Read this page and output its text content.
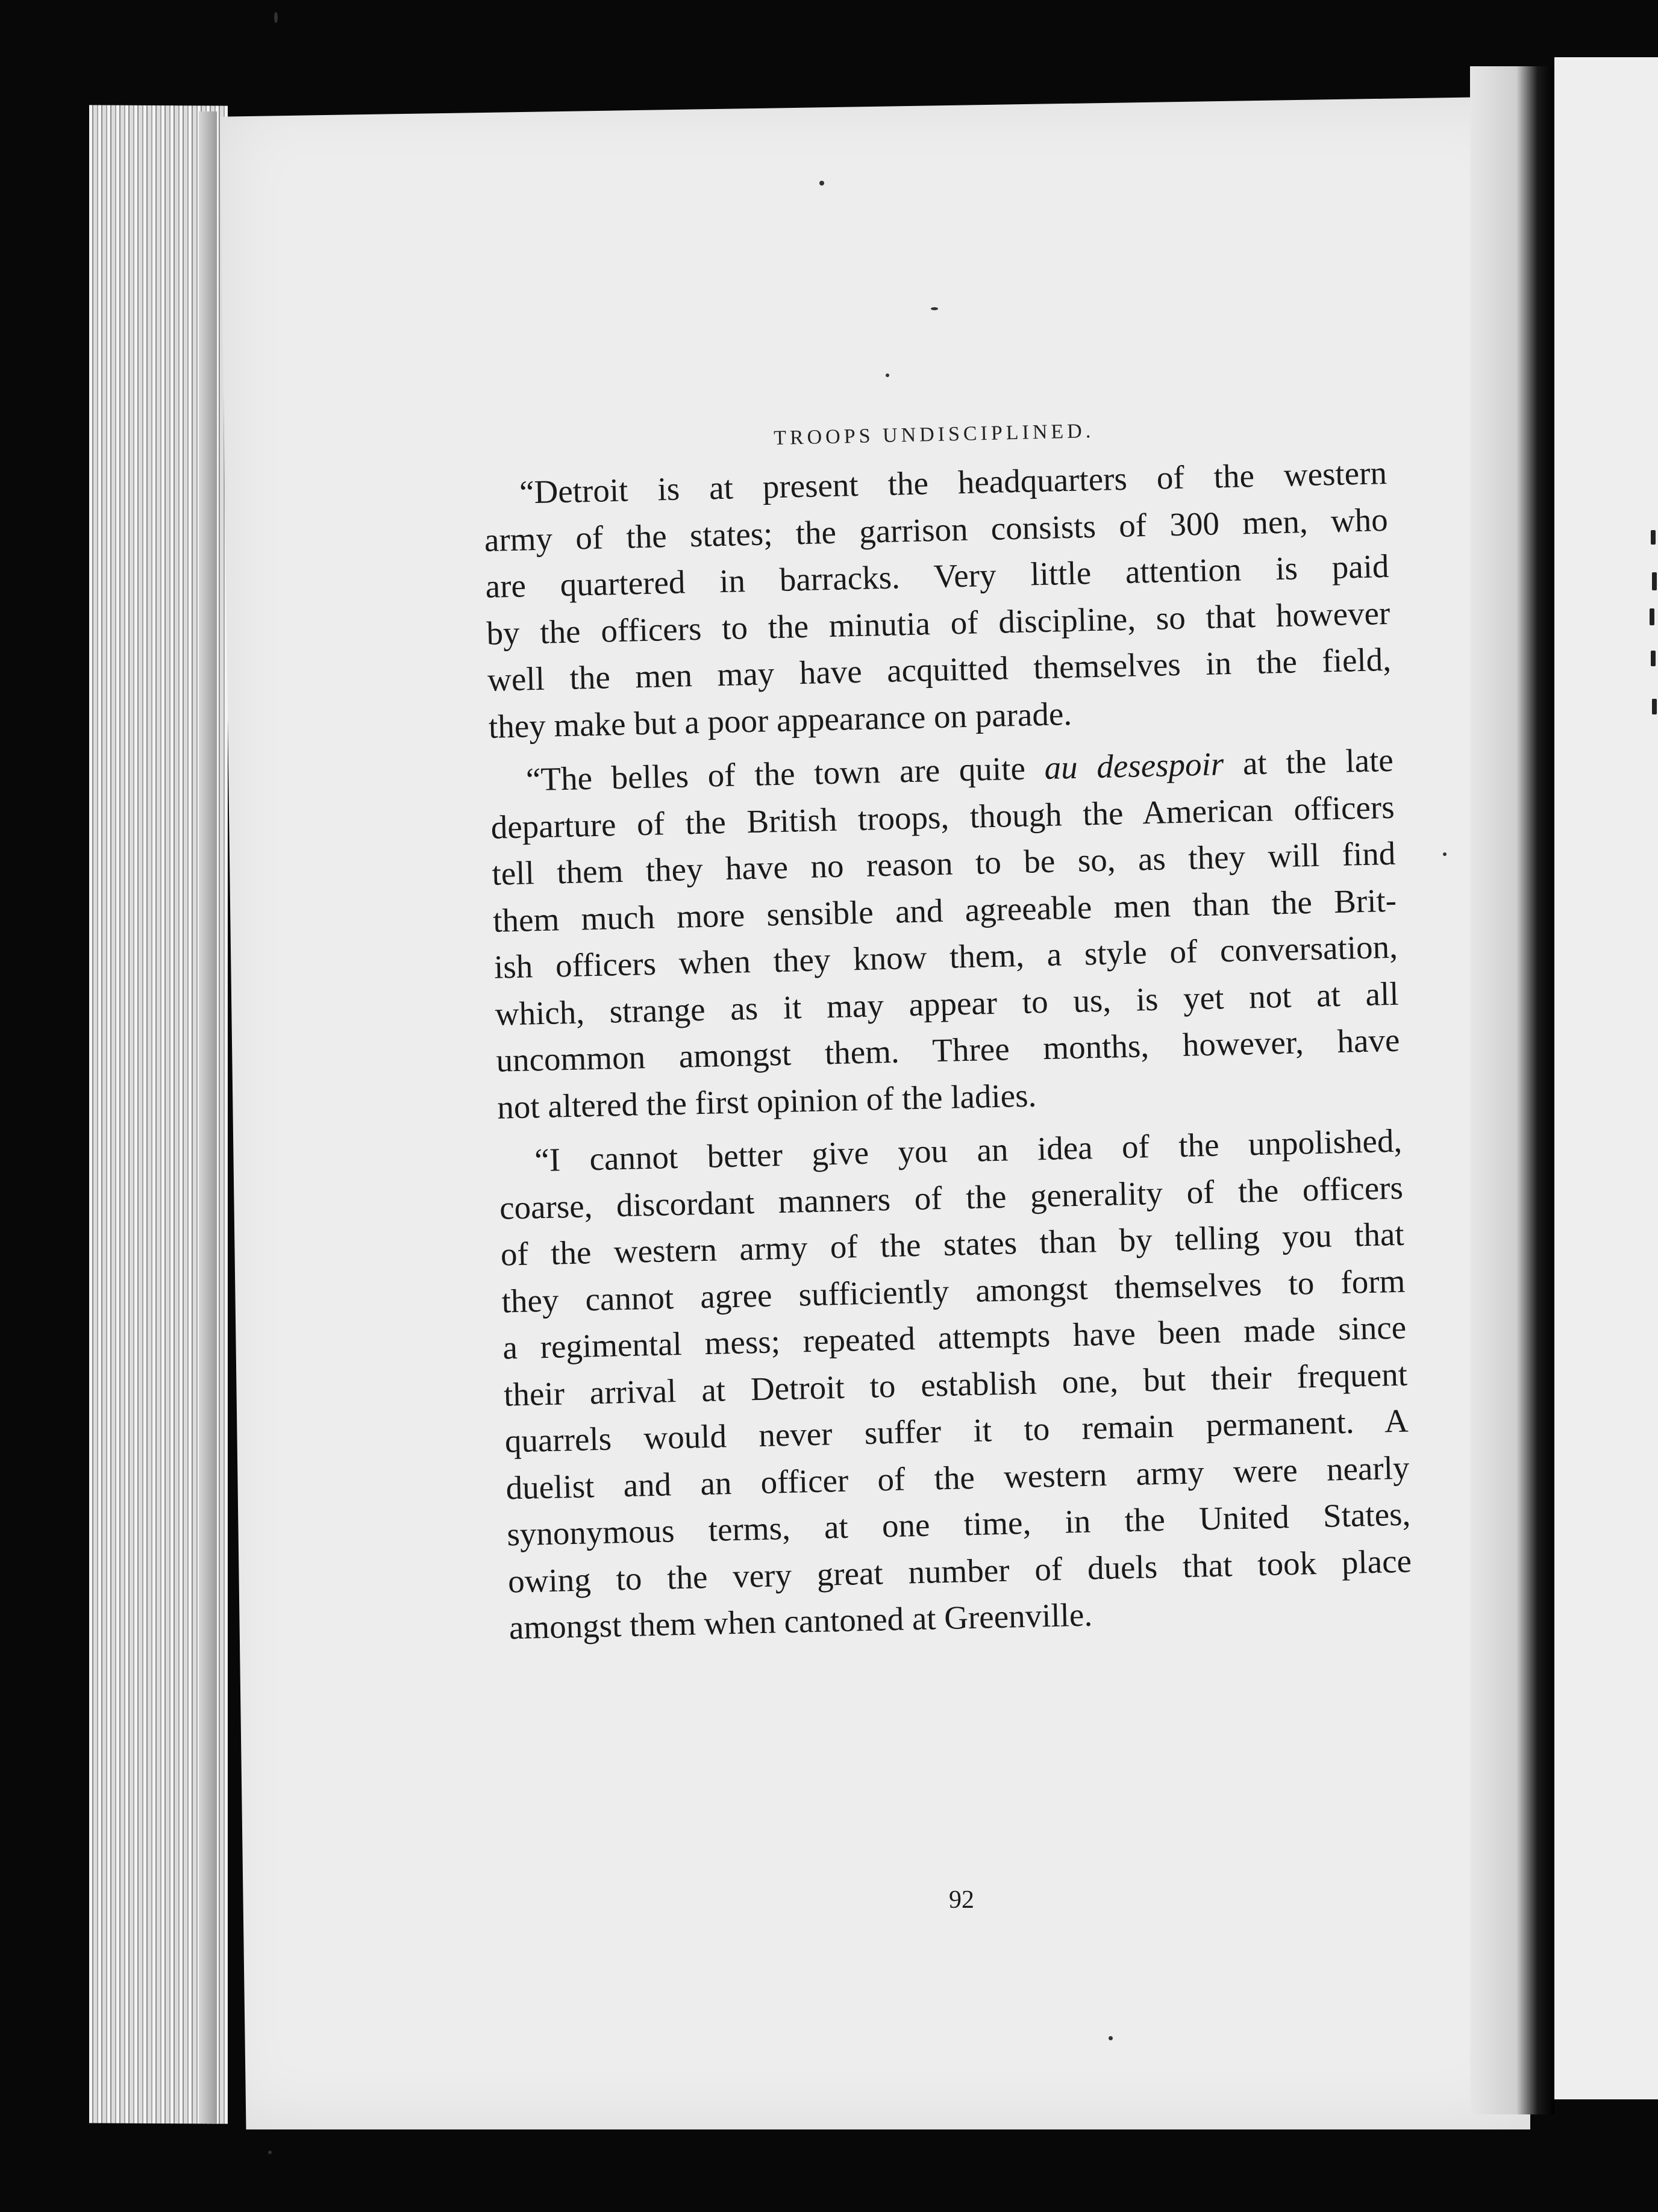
TROOPS UNDISCIPLINED.
“Detroit is at present the headquarters of the western
army of the states; the garrison consists of 300 men, who
are quartered in barracks. Very little attention is paid
by the officers to the minutia of discipline, so that however
well the men may have acquitted themselves in the field,
they make but a poor appearance on parade.
“The belles of the town are quite au desespoir at the late
departure of the British troops, though the American officers
tell them they have no reason to be so, as they will find
them much more sensible and agreeable men than the Brit-
ish officers when they know them, a style of conversation,
which, strange as it may appear to us, is yet not at all
uncommon amongst them. Three months, however, have
not altered the first opinion of the ladies.
“I cannot better give you an idea of the unpolished,
coarse, discordant manners of the generality of the officers
of the western army of the states than by telling you that
they cannot agree sufficiently amongst themselves to form
a regimental mess; repeated attempts have been made since
their arrival at Detroit to establish one, but their frequent
quarrels would never suffer it to remain permanent. A
duelist and an officer of the western army were nearly
synonymous terms, at one time, in the United States,
owing to the very great number of duels that took place
amongst them when cantoned at Greenville.
92
